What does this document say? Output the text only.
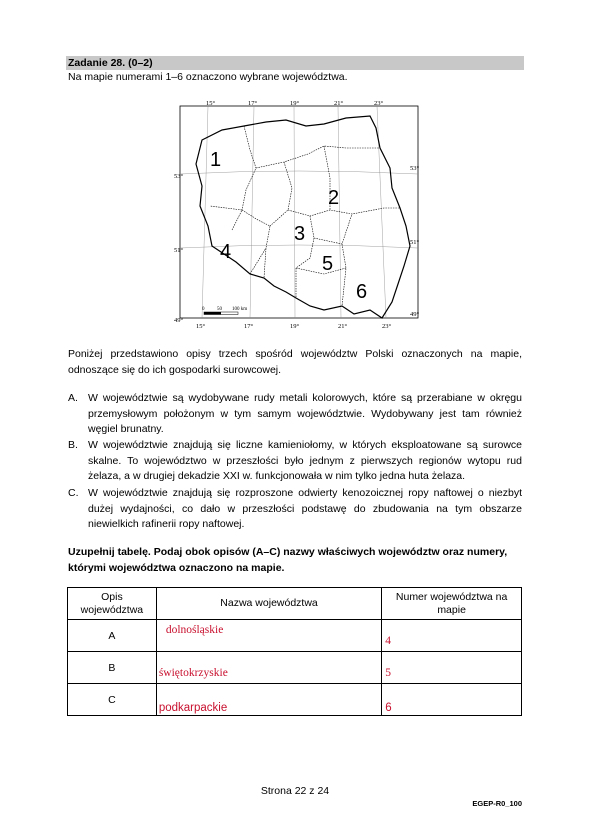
Zadanie 28. (0–2)
Na mapie numerami 1–6 oznaczono wybrane województwa.
15°	17°	19°	21°	23°
15°	17°	19°	21°	23°
53°
51°
49°
53°
51°
49°
1
2
3
4
5
6
0	50 100 km
Poniżej przedstawiono opisy trzech spośród województw Polski oznaczonych na mapie, odnoszące się do ich gospodarki surowcowej.
A. W województwie są wydobywane rudy metali kolorowych, które są przerabiane w okręgu przemysłowym położonym w tym samym województwie. Wydobywany jest tam również węgiel brunatny.
B. W województwie znajdują się liczne kamieniołomy, w których eksploatowane są surowce skalne. To województwo w przeszłości było jednym z pierwszych regionów wytopu rud żelaza, a w drugiej dekadzie XXI w. funkcjonowała w nim tylko jedna huta żelaza.
C. W województwie znajdują się rozproszone odwierty kenozoicznej ropy naftowej o niezbyt dużej wydajności, co dało w przeszłości podstawę do zbudowania na tym obszarze niewielkich rafinerii ropy naftowej.
Uzupełnij tabelę. Podaj obok opisów (A–C) nazwy właściwych województw oraz numery, którymi województwa oznaczono na mapie.
Opis województwa	Nazwa województwa	Numer województwa na mapie

A	dolnośląskie	4
B	świętokrzyskie	5
C	podkarpackie	6
Strona 22 z 24
EGEP-R0_100
